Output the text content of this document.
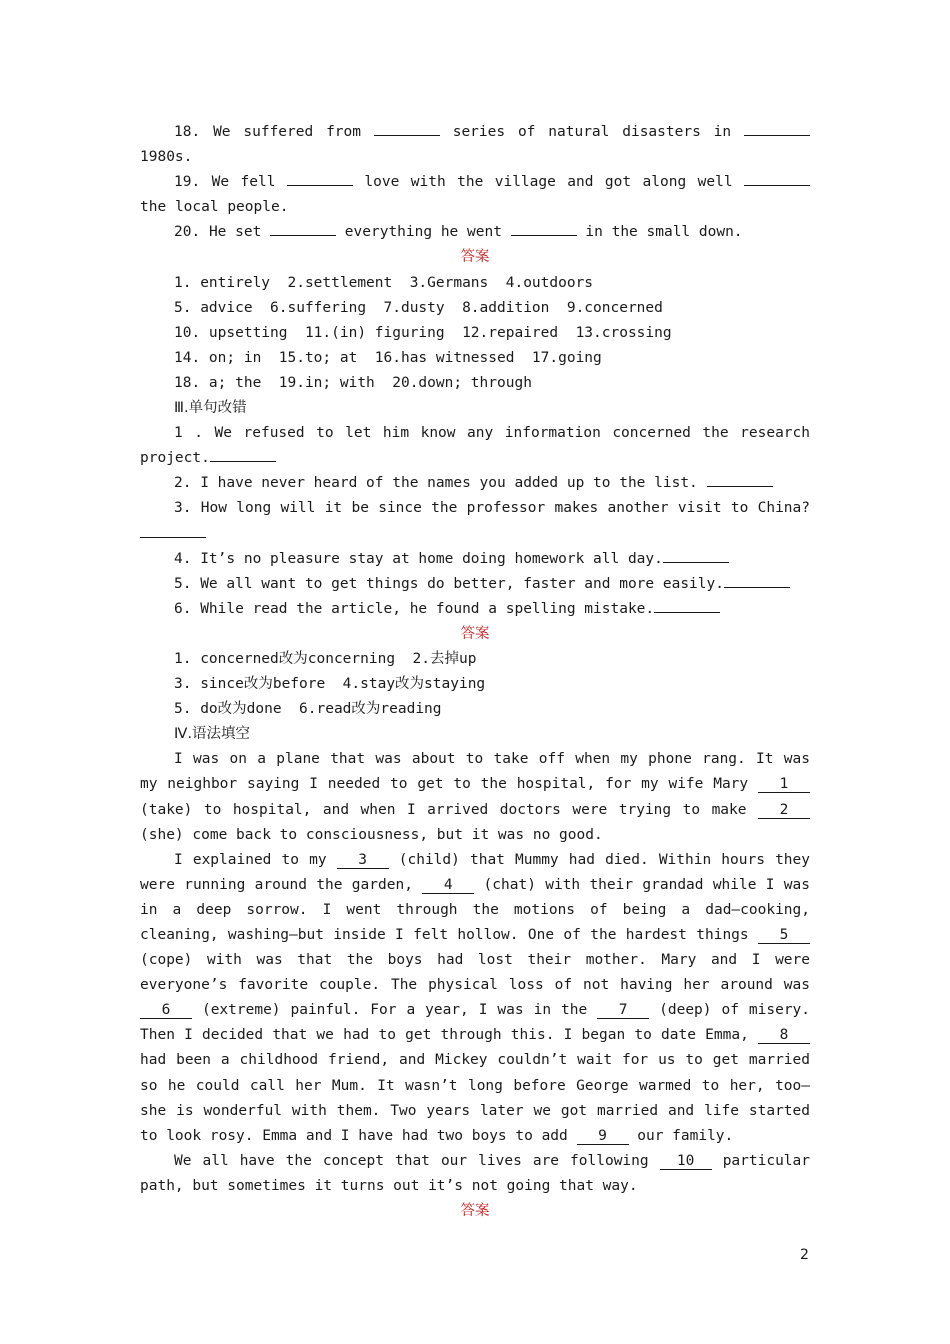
18. We suffered from	series of natural disasters in  1980s.

19. We fell	love with the village and got along well  the local people.

20. He set	everything he went	in the small down.

答案

1. entirely  2.settlement  3.Germans  4.outdoors

5. advice  6.suffering  7.dusty  8.addition  9.concerned

10. upsetting  11.(in) figuring  12.repaired  13.crossing

14. on; in  15.to; at  16.has witnessed  17.going

18. a; the  19.in; with  20.down; through

Ⅲ.单句改错

1 . We refused to let him know any information concerned the research project.

2. I have never heard of the names you added up to the list.

3. How long will it be since the professor makes another visit to China?

4. It’s no pleasure stay at home doing homework all day.

5. We all want to get things do better, faster and more easily.

6. While read the article, he found a spelling mistake.

答案

1. concerned改为concerning  2.去掉up

3. since改为before  4.stay改为staying

5. do改为done  6.read改为reading

Ⅳ.语法填空

I was on a plane that was about to take off when my phone rang. It was my neighbor saying I needed to get to the hospital, for my wife Mary 1 (take) to hospital, and when I arrived doctors were trying to make 2 (she) come back to consciousness, but it was no good.

I explained to my 3 (child) that Mummy had died. Within hours they were running around the garden, 4 (chat) with their grandad while I was in a deep sorrow. I went through the motions of being a dad—cooking, cleaning, washing—but inside I felt hollow. One of the hardest things 5 (cope) with was that the boys had lost their mother. Mary and I were everyone’s favorite couple. The physical loss of not having her around was 6 (extreme) painful. For a year, I was in the 7 (deep) of misery. Then I decided that we had to get through this. I began to date Emma, 8 had been a childhood friend, and Mickey couldn’t wait for us to get married so he could call her Mum. It wasn’t long before George warmed to her, too—she is wonderful with them. Two years later we got married and life started to look rosy. Emma and I have had two boys to add 9 our family.

We all have the concept that our lives are following 10 particular path, but sometimes it turns out it’s not going that way.

答案

2
